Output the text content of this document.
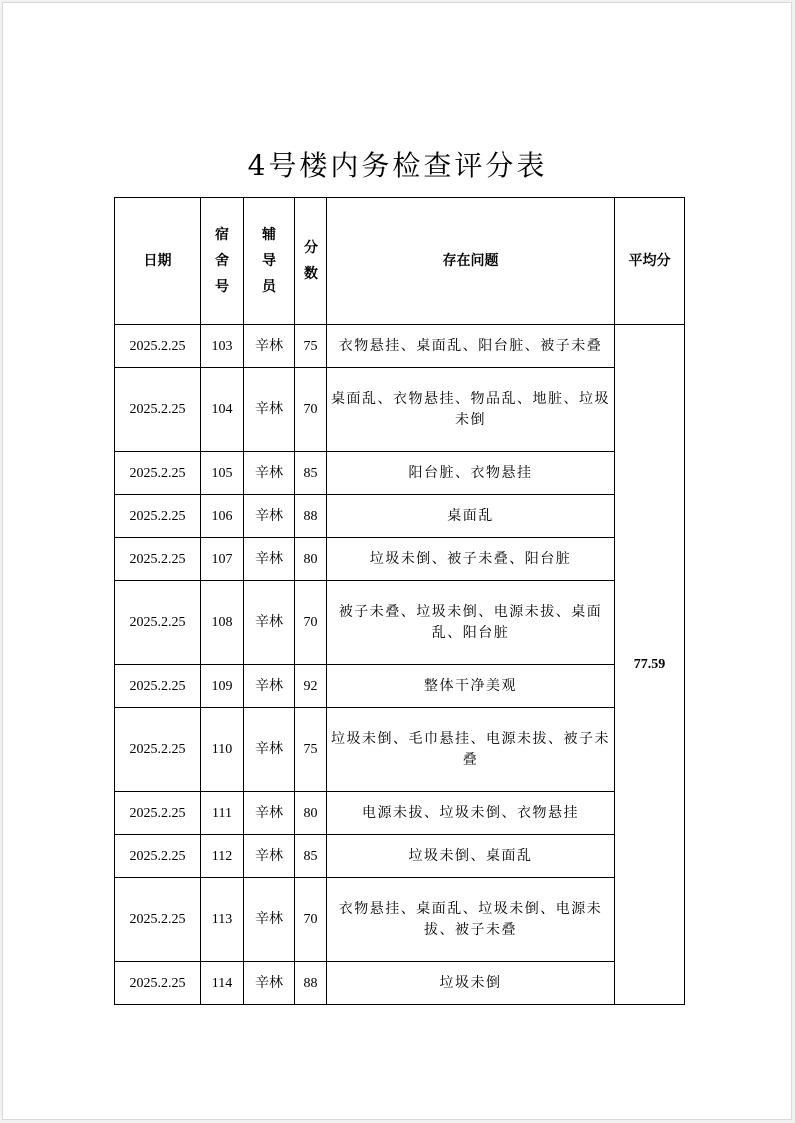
4号楼内务检查评分表
日期	宿舍号	辅导员	分数	存在问题	平均分
2025.2.25	103	辛林	75	衣物悬挂、桌面乱、阳台脏、被子未叠	77.59
2025.2.25	104	辛林	70	桌面乱、衣物悬挂、物品乱、地脏、垃圾未倒	
2025.2.25	105	辛林	85	阳台脏、衣物悬挂	
2025.2.25	106	辛林	88	桌面乱	
2025.2.25	107	辛林	80	垃圾未倒、被子未叠、阳台脏	
2025.2.25	108	辛林	70	被子未叠、垃圾未倒、电源未拔、桌面乱、阳台脏	
2025.2.25	109	辛林	92	整体干净美观	
2025.2.25	110	辛林	75	垃圾未倒、毛巾悬挂、电源未拔、被子未叠	
2025.2.25	111	辛林	80	电源未拔、垃圾未倒、衣物悬挂	
2025.2.25	112	辛林	85	垃圾未倒、桌面乱	
2025.2.25	113	辛林	70	衣物悬挂、桌面乱、垃圾未倒、电源未拔、被子未叠	
2025.2.25	114	辛林	88	垃圾未倒	
